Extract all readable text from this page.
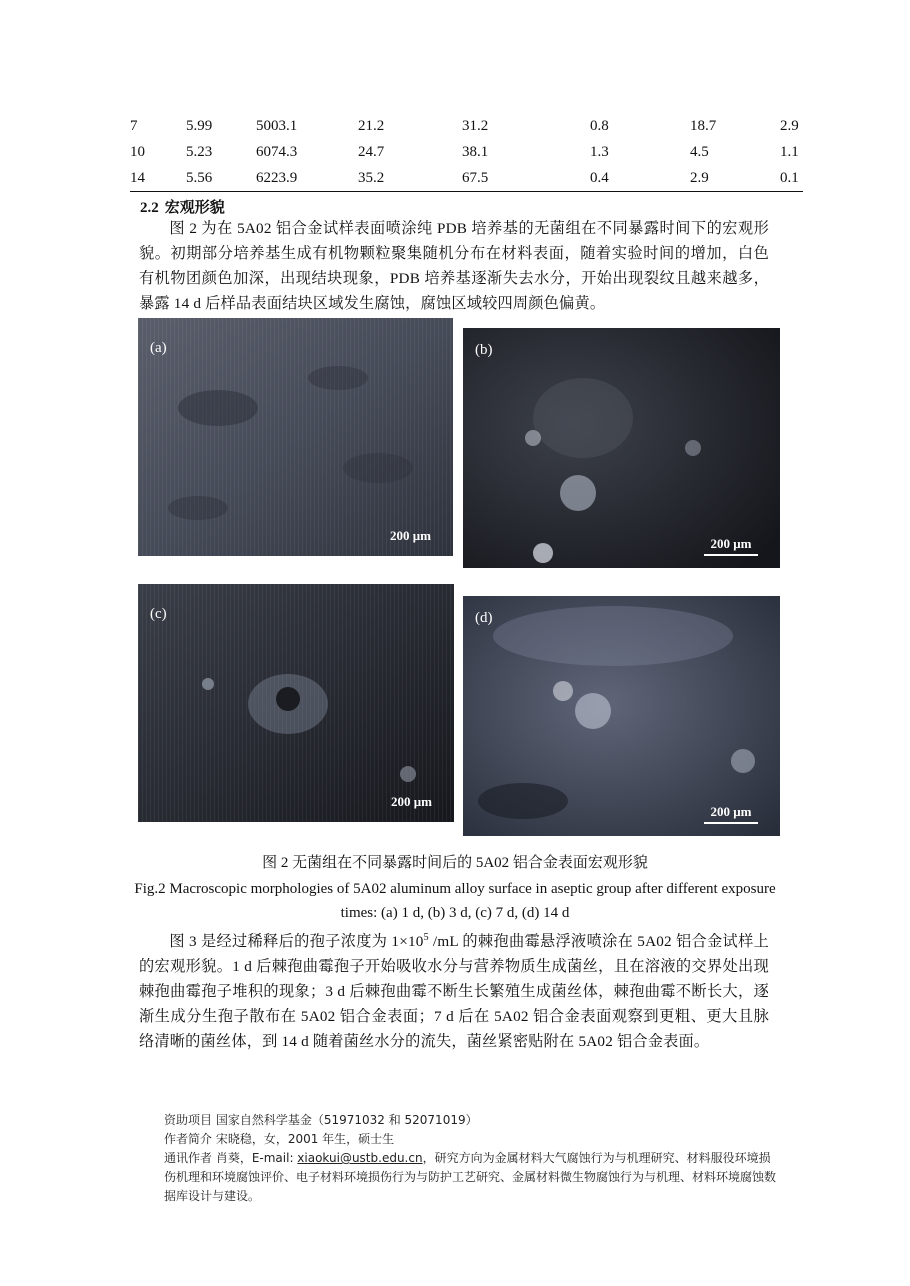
7	5.99	5003.1	21.2	31.2	0.8	18.7	2.9
10	5.23	6074.3	24.7	38.1	1.3	4.5	1.1
14	5.56	6223.9	35.2	67.5	0.4	2.9	0.1
2.2 宏观形貌

图 2 为在 5A02 铝合金试样表面喷涂纯 PDB 培养基的无菌组在不同暴露时间下的宏观形貌。初期部分培养基生成有机物颗粒聚集随机分布在材料表面，随着实验时间的增加，白色有机物团颜色加深，出现结块现象，PDB 培养基逐渐失去水分，开始出现裂纹且越来越多，暴露 14 d 后样品表面结块区域发生腐蚀，腐蚀区域较四周颜色偏黄。

(a)
200 μm
(b)
200 μm
(c)
200 μm
(d)
200 μm
图 2 无菌组在不同暴露时间后的 5A02 铝合金表面宏观形貌
Fig.2 Macroscopic morphologies of 5A02 aluminum alloy surface in aseptic group after different exposure times: (a) 1 d, (b) 3 d, (c) 7 d, (d) 14 d

图 3 是经过稀释后的孢子浓度为 $1\times 10^5$ /mL 的棘孢曲霉悬浮液喷涂在 5A02 铝合金试样上的宏观形貌。1 d 后棘孢曲霉孢子开始吸收水分与营养物质生成菌丝，且在溶液的交界处出现棘孢曲霉孢子堆积的现象；3 d 后棘孢曲霉不断生长繁殖生成菌丝体，棘孢曲霉不断长大，逐渐生成分生孢子散布在 5A02 铝合金表面；7 d 后在 5A02 铝合金表面观察到更粗、更大且脉络清晰的菌丝体，到 14 d 随着菌丝水分的流失，菌丝紧密贴附在 5A02 铝合金表面。

资助项目 国家自然科学基金（51971032 和 52071019）
作者简介 宋晓稳，女，2001 年生，硕士生
通讯作者 肖葵，E-mail: xiaokui@ustb.edu.cn，研究方向为金属材料大气腐蚀行为与机理研究、材料服役环境损伤机理和环境腐蚀评价、电子材料环境损伤行为与防护工艺研究、金属材料微生物腐蚀行为与机理、材料环境腐蚀数据库设计与建设。
